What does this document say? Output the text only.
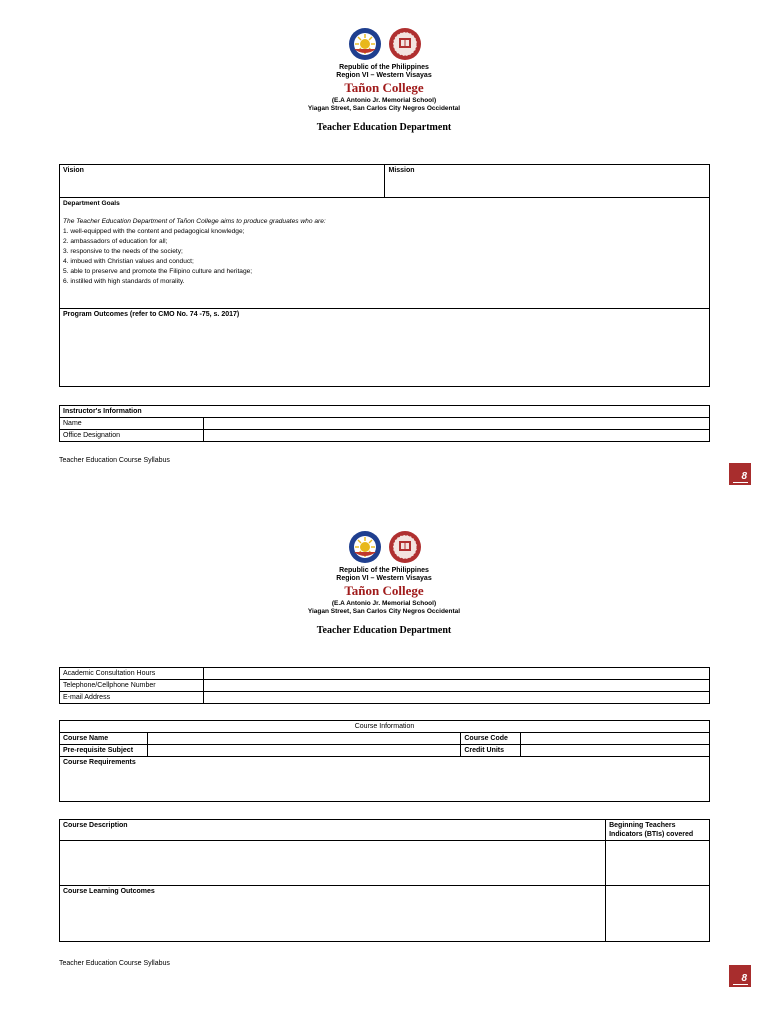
Republic of the Philippines
Region VI – Western Visayas
Tañon College
(E.A Antonio Jr. Memorial School)
Yiagan Street, San Carlos City Negros Occidental
Teacher Education Department
Vision	Mission

Department Goals
The Teacher Education Department of Tañon College aims to produce graduates who are:
1. well-equipped with the content and pedagogical knowledge;
2. ambassadors of education for all;
3. responsive to the needs of the society;
4. imbued with Christian values and conduct;
5. able to preserve and promote the Filipino culture and heritage;
6. instilled with high standards of morality.

Program Outcomes (refer to CMO No. 74 -75, s. 2017)
Instructor's Information	
Name	
Office Designation	
Teacher Education Course Syllabus
8
Republic of the Philippines
Region VI – Western Visayas
Tañon College
(E.A Antonio Jr. Memorial School)
Yiagan Street, San Carlos City Negros Occidental
Teacher Education Department
Academic Consultation Hours	
Telephone/Cellphone Number	
E-mail Address	
Course Information			
Course Name		Course Code	
Pre-requisite Subject		Credit Units	
Course Requirements			
Course Description	Beginning Teachers
Indicators (BTIs) covered

Course Learning Outcomes	
Teacher Education Course Syllabus
8
